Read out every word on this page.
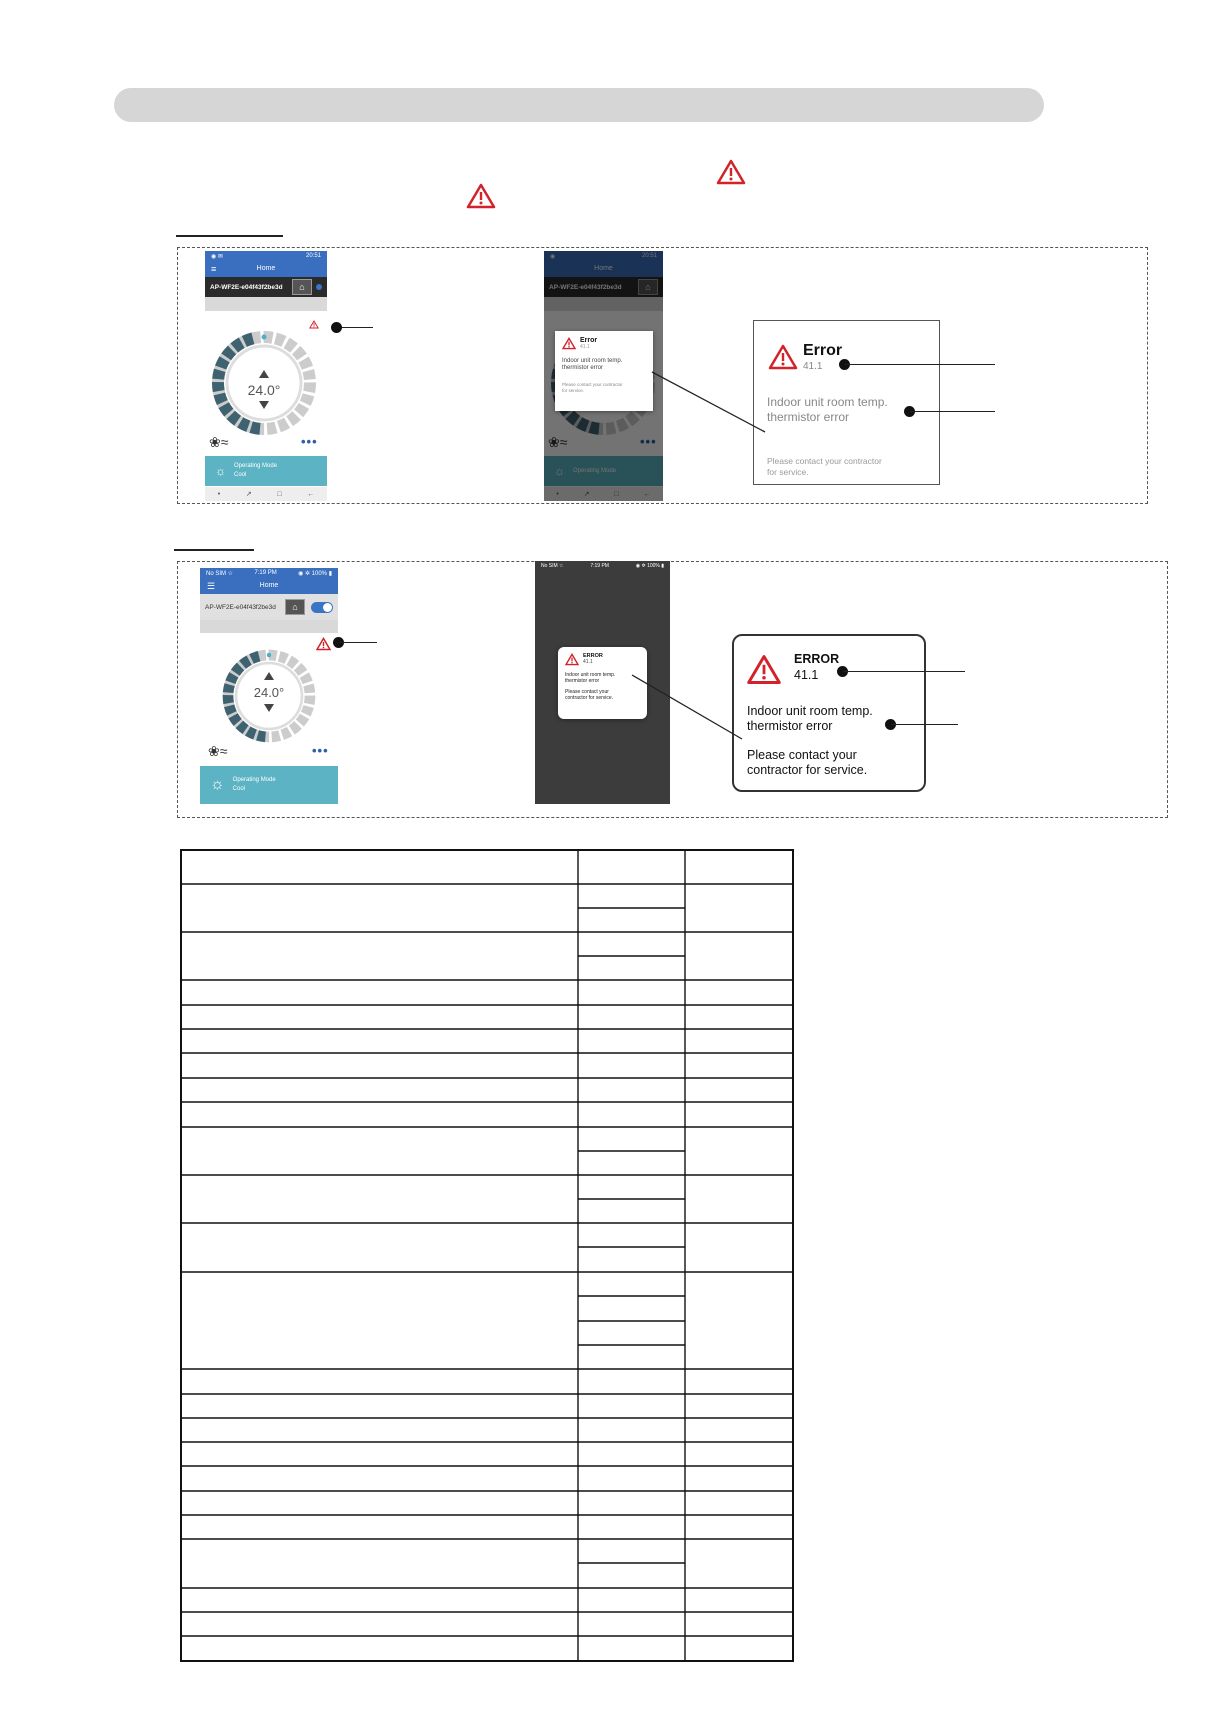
◉ ✉	20:51
≡	Home
AP-WF2E-e04f43f2be3d	⌂
24.0°
❀≈	•••
☼ Operating Mode
Cool
•	↗	□	←
Error
41.1
Indoor unit room temp. thermistor error
Please contact your contractor for service.
Error
41.1
Indoor unit room temp.
thermistor error
Please contact your contractor
for service.
No SIM ☆	7:19 PM	◉ ✲ 100% ▮
☰	Home
AP-WF2E-e04f43f2be3d	⌂
24.0°
❀≈	•••
☼ Operating Mode
Cool
No SIM ☆	7:19 PM	◉ ✲ 100% ▮
ERROR
41.1
Indoor unit room temp. thermistor error
Please contact your contractor for service.
ERROR
41.1
Indoor unit room temp.
thermistor error
Please contact your
contractor for service.
